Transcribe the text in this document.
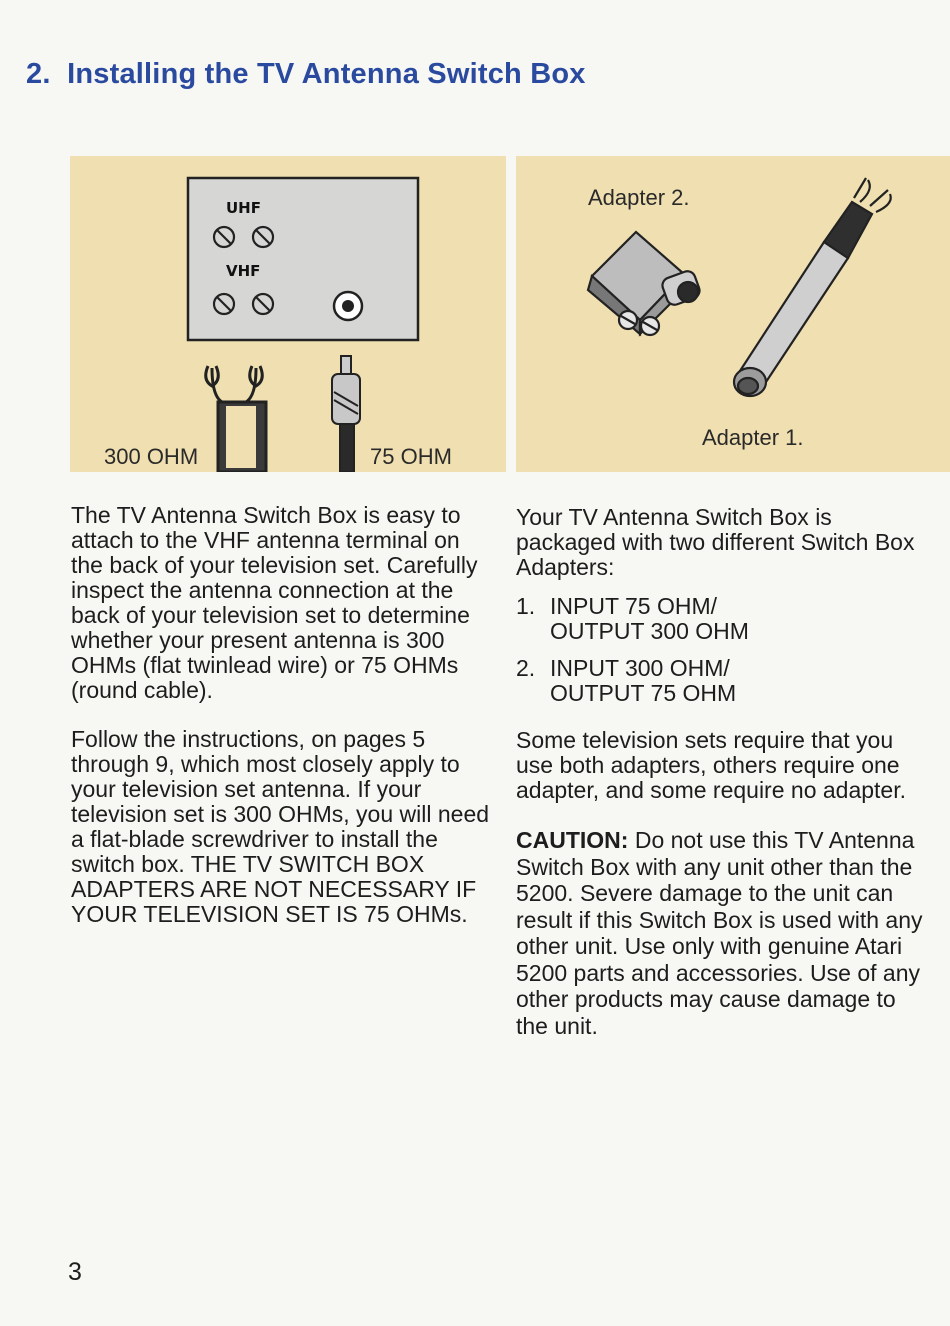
2. Installing the TV Antenna Switch Box
UHF
VHF
300 OHM	75 OHM
Adapter 2.
Adapter 1.

The TV Antenna Switch Box is easy to attach to the VHF antenna terminal on the back of your television set. Carefully inspect the antenna connection at the back of your television set to determine whether your present antenna is 300 OHMs (flat twinlead wire) or 75 OHMs (round cable).

Follow the instructions, on pages 5 through 9, which most closely apply to your television set antenna. If your television set is 300 OHMs, you will need a flat-blade screwdriver to install the switch box. THE TV SWITCH BOX ADAPTERS ARE NOT NECESSARY IF YOUR TELEVISION SET IS 75 OHMs.

Your TV Antenna Switch Box is packaged with two different Switch Box Adapters:

1. INPUT 75 OHM/
OUTPUT 300 OHM
2. INPUT 300 OHM/
OUTPUT 75 OHM

Some television sets require that you use both adapters, others require one adapter, and some require no adapter.

CAUTION: Do not use this TV Antenna Switch Box with any unit other than the 5200. Severe damage to the unit can result if this Switch Box is used with any other unit. Use only with genuine Atari 5200 parts and accessories. Use of any other products may cause damage to the unit.

3
